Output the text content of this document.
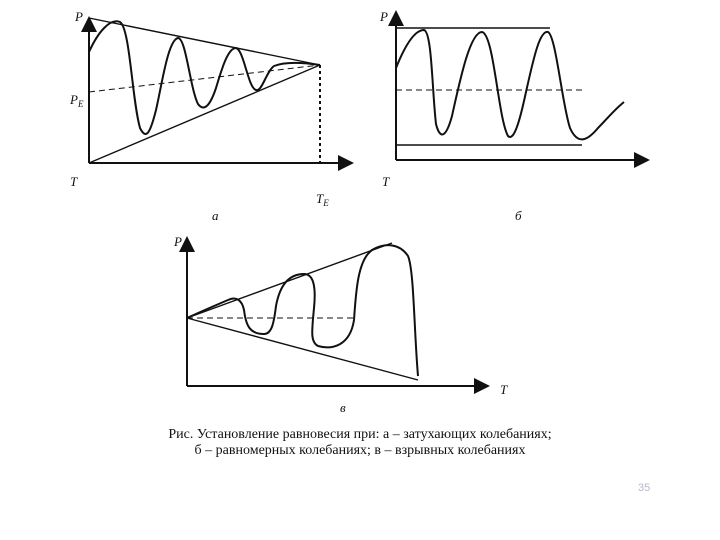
P
$P_E$
T
$T_E$
а
P
T
б
P
T
в
Рис. Установление равновесия при: а – затухающих колебаниях;
б – равномерных колебаниях; в – взрывных колебаниях
35
